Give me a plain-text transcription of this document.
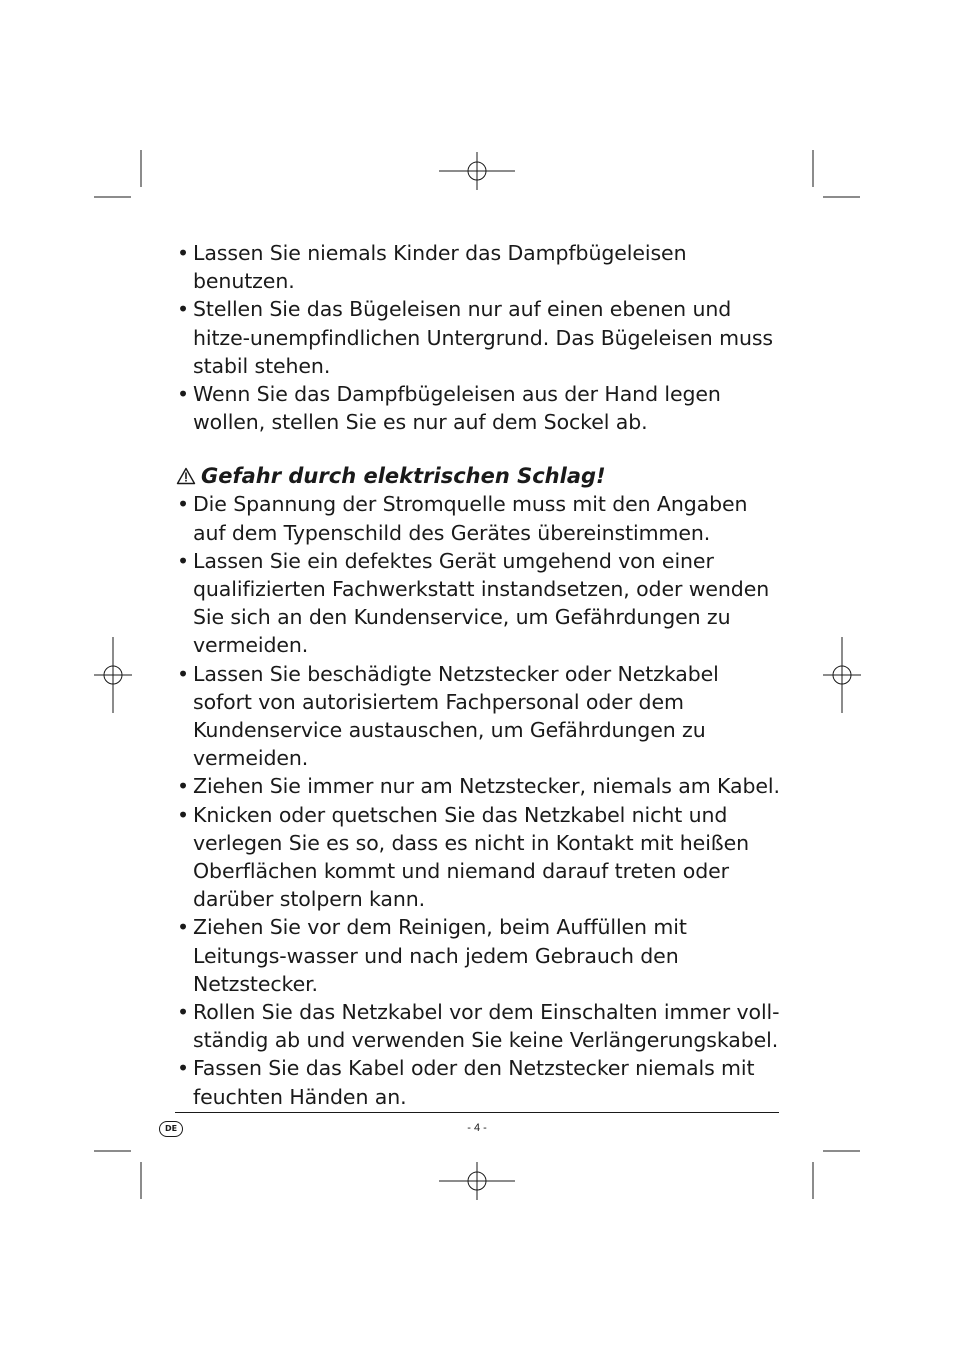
• Lassen Sie niemals Kinder das Dampfbügeleisen benutzen.
• Stellen Sie das Bügeleisen nur auf einen ebenen und hitze-unempfindlichen Untergrund. Das Bügeleisen muss stabil stehen.
• Wenn Sie das Dampfbügeleisen aus der Hand legen wollen, stellen Sie es nur auf dem Sockel ab.
Gefahr durch elektrischen Schlag!
• Die Spannung der Stromquelle muss mit den Angaben auf dem Typenschild des Gerätes übereinstimmen.
• Lassen Sie ein defektes Gerät umgehend von einer qualifizierten Fachwerkstatt instandsetzen, oder wenden Sie sich an den Kundenservice, um Gefährdungen zu vermeiden.
• Lassen Sie beschädigte Netzstecker oder Netzkabel sofort von autorisiertem Fachpersonal oder dem Kundenservice austauschen, um Gefährdungen zu vermeiden.
• Ziehen Sie immer nur am Netzstecker, niemals am Kabel.
• Knicken oder quetschen Sie das Netzkabel nicht und verlegen Sie es so, dass es nicht in Kontakt mit heißen Oberflächen kommt und niemand darauf treten oder darüber stolpern kann.
• Ziehen Sie vor dem Reinigen, beim Auffüllen mit Leitungs-wasser und nach jedem Gebrauch den Netzstecker.
• Rollen Sie das Netzkabel vor dem Einschalten immer voll-ständig ab und verwenden Sie keine Verlängerungskabel.
• Fassen Sie das Kabel oder den Netzstecker niemals mit feuchten Händen an.
DE	- 4 -
